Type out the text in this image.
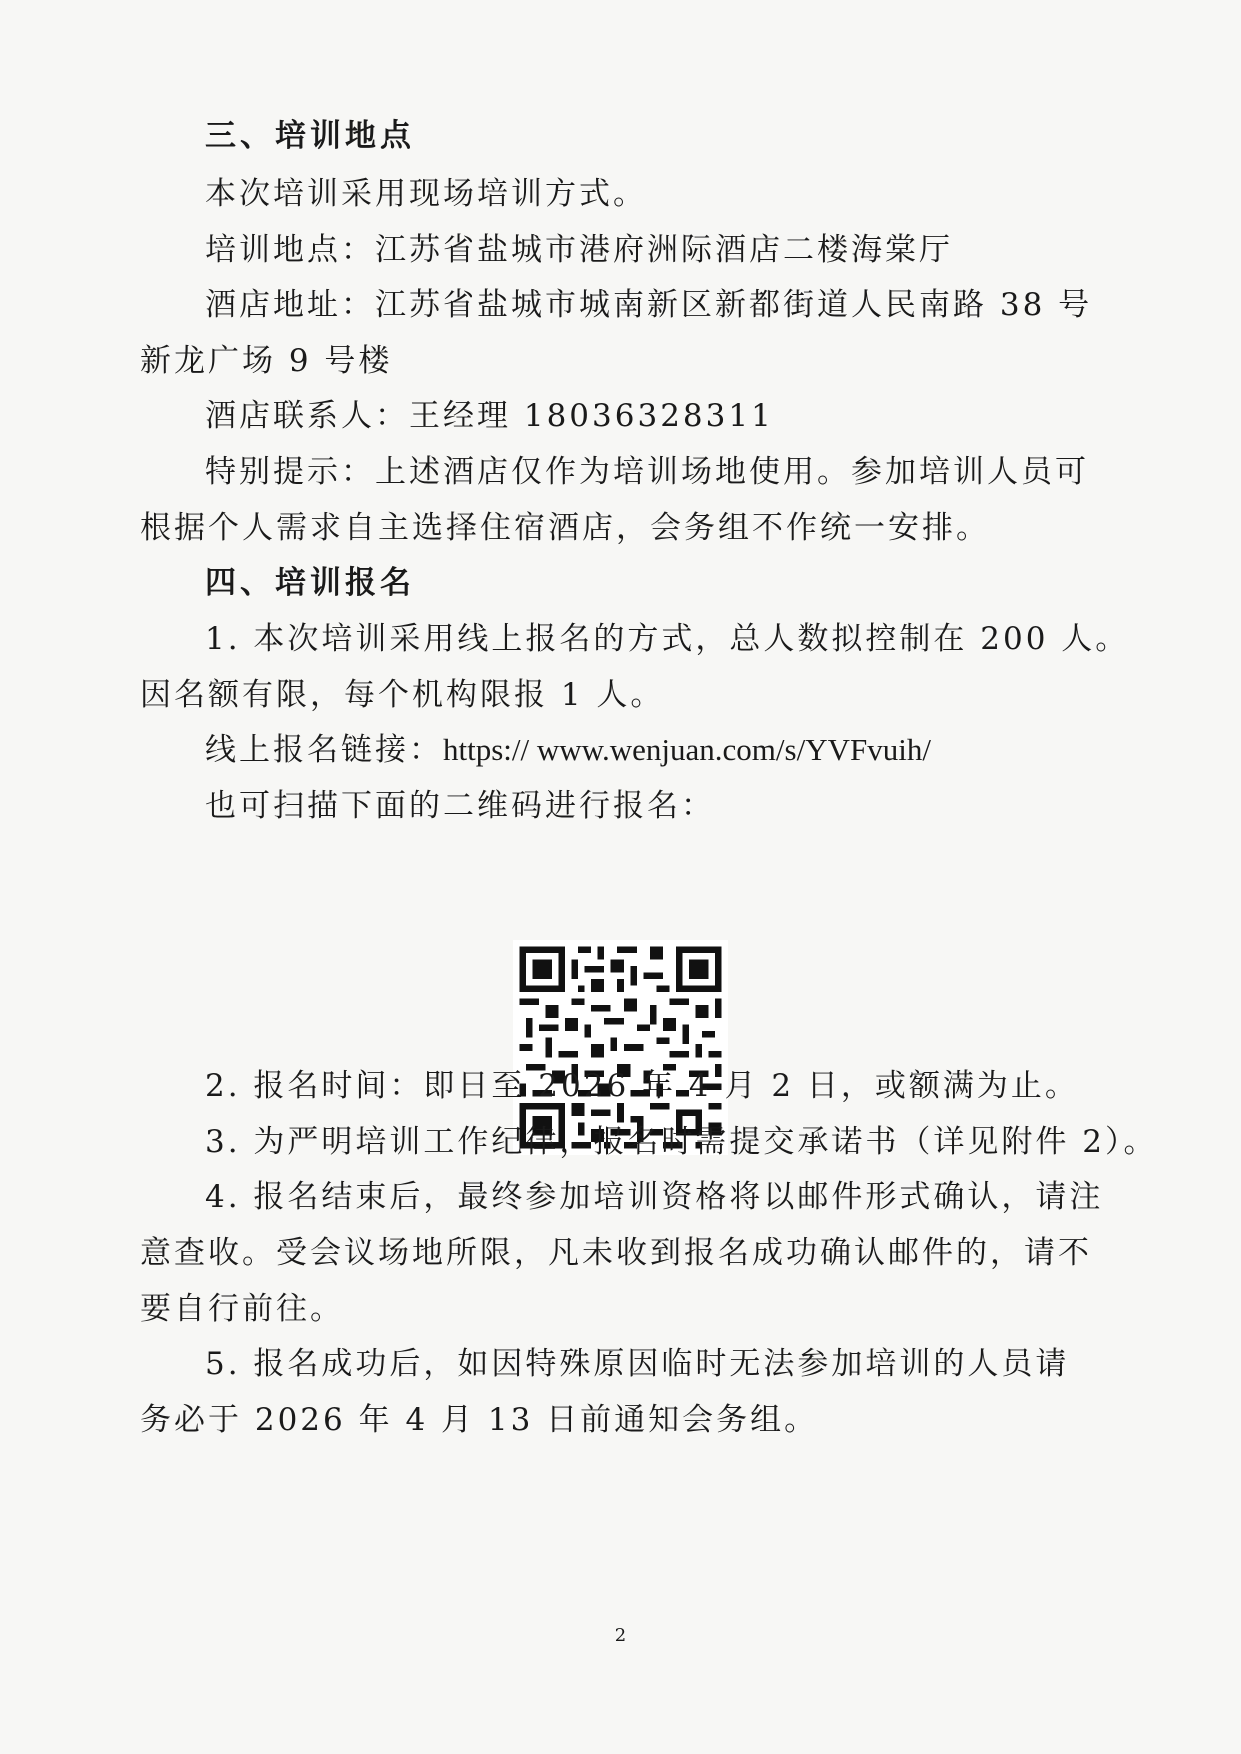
三、培训地点
本次培训采用现场培训方式。
培训地点：江苏省盐城市港府洲际酒店二楼海棠厅
酒店地址：江苏省盐城市城南新区新都街道人民南路 38 号
新龙广场 9 号楼
酒店联系人：王经理 18036328311
特别提示：上述酒店仅作为培训场地使用。参加培训人员可
根据个人需求自主选择住宿酒店，会务组不作统一安排。
四、培训报名
1. 本次培训采用线上报名的方式，总人数拟控制在 200 人。
因名额有限，每个机构限报 1 人。
线上报名链接：https:// www.wenjuan.com/s/YVFvuih/
也可扫描下面的二维码进行报名：
2. 报名时间：即日至 2026 年 4 月 2 日，或额满为止。
3. 为严明培训工作纪律，报名时需提交承诺书（详见附件 2）。
4. 报名结束后，最终参加培训资格将以邮件形式确认，请注
意查收。受会议场地所限，凡未收到报名成功确认邮件的，请不
要自行前往。
5. 报名成功后，如因特殊原因临时无法参加培训的人员请
务必于 2026 年 4 月 13 日前通知会务组。
2
